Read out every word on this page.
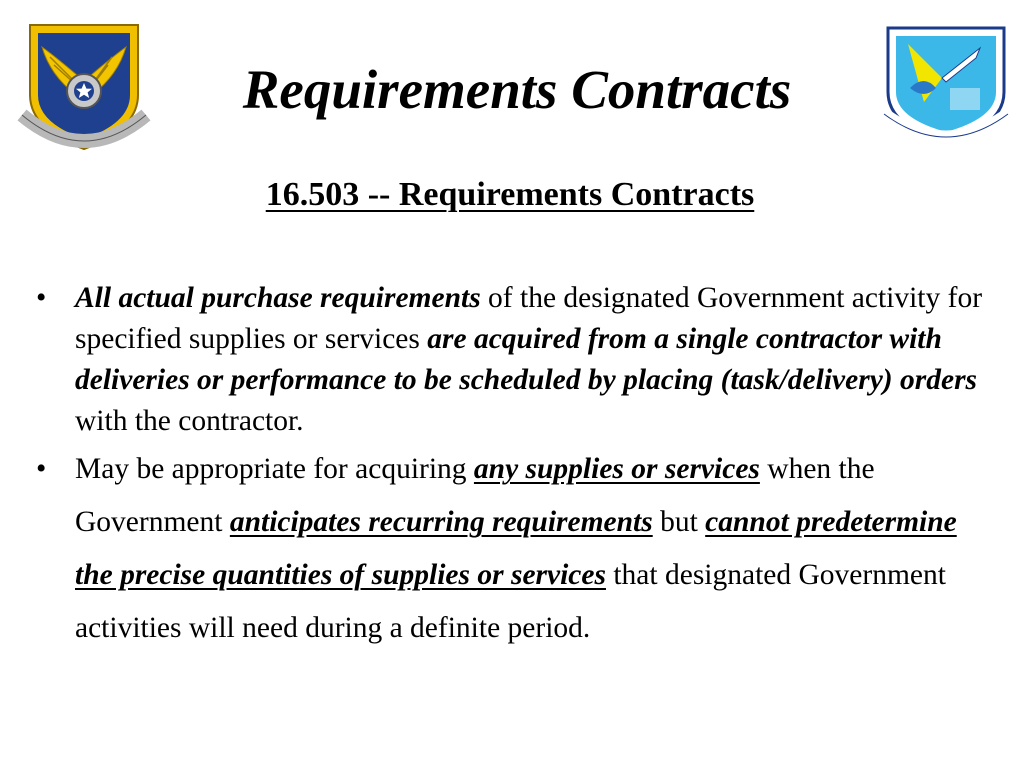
Requirements Contracts
16.503 -- Requirements Contracts
• All actual purchase requirements of the designated Government activity for specified supplies or services are acquired from a single contractor with deliveries or performance to be scheduled by placing (task/delivery) orders with the contractor.
• May be appropriate for acquiring any supplies or services when the Government anticipates recurring requirements but cannot predetermine the precise quantities of supplies or services that designated Government activities will need during a definite period.
